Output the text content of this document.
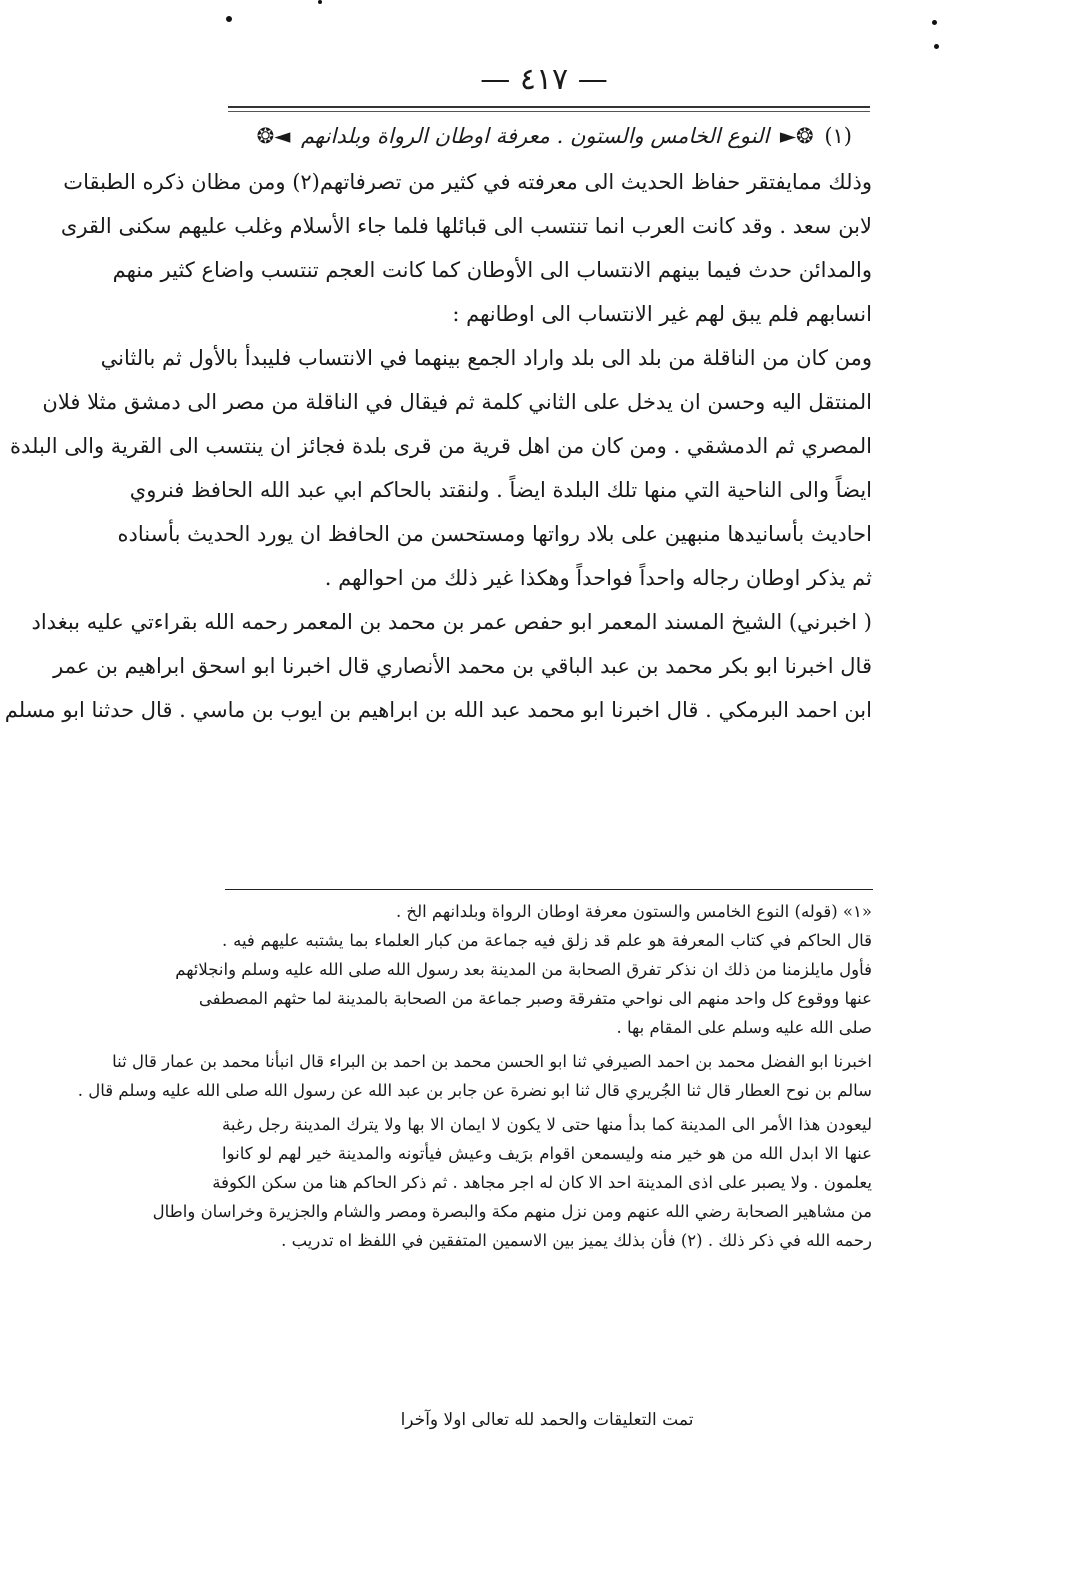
— ٤١٧ —
(١) ❂► النوع الخامس والستون . معرفة اوطان الرواة وبلدانهم ◄❂
وذلك ممايفتقر حفاظ الحديث الى معرفته في كثير من تصرفاتهم(٢) ومن مظان ذكره الطبقات
لابن سعد . وقد كانت العرب انما تنتسب الى قبائلها فلما جاء الأسلام وغلب عليهم سكنى القرى
والمدائن حدث فيما بينهم الانتساب الى الأوطان كما كانت العجم تنتسب واضاع كثير منهم
انسابهم فلم يبق لهم غير الانتساب الى اوطانهم :
ومن كان من الناقلة من بلد الى بلد واراد الجمع بينهما في الانتساب فليبدأ بالأول ثم بالثاني
المنتقل اليه وحسن ان يدخل على الثاني كلمة ثم فيقال في الناقلة من مصر الى دمشق مثلا فلان
المصري ثم الدمشقي . ومن كان من اهل قرية من قرى بلدة فجائز ان ينتسب الى القرية والى البلدة
ايضاً والى الناحية التي منها تلك البلدة ايضاً . ولنقتد بالحاكم ابي عبد الله الحافظ فنروي
احاديث بأسانيدها منبهين على بلاد رواتها ومستحسن من الحافظ ان يورد الحديث بأسناده
ثم يذكر اوطان رجاله واحداً فواحداً وهكذا غير ذلك من احوالهم .
( اخبرني) الشيخ المسند المعمر ابو حفص عمر بن محمد بن المعمر رحمه الله بقراءتي عليه ببغداد
قال اخبرنا ابو بكر محمد بن عبد الباقي بن محمد الأنصاري قال اخبرنا ابو اسحق ابراهيم بن عمر
ابن احمد البرمكي . قال اخبرنا ابو محمد عبد الله بن ابراهيم بن ايوب بن ماسي . قال حدثنا ابو مسلم
«١» (قوله) النوع الخامس والستون معرفة اوطان الرواة وبلدانهم الخ .
قال الحاكم في كتاب المعرفة هو علم قد زلق فيه جماعة من كبار العلماء بما يشتبه عليهم فيه .
فأول مايلزمنا من ذلك ان نذكر تفرق الصحابة من المدينة بعد رسول الله صلى الله عليه وسلم وانجلائهم
عنها ووقوع كل واحد منهم الى نواحي متفرقة وصبر جماعة من الصحابة بالمدينة لما حثهم المصطفى
صلى الله عليه وسلم على المقام بها .
اخبرنا ابو الفضل محمد بن احمد الصيرفي ثنا ابو الحسن محمد بن احمد بن البراء قال انبأنا محمد بن عمار قال ثنا
سالم بن نوح العطار قال ثنا الجُريري قال ثنا ابو نضرة عن جابر بن عبد الله عن رسول الله صلى الله عليه وسلم قال .
ليعودن هذا الأمر الى المدينة كما بدأ منها حتى لا يكون لا ايمان الا بها ولا يترك المدينة رجل رغبة
عنها الا ابدل الله من هو خير منه وليسمعن اقوام برَيف وعيش فيأتونه والمدينة خير لهم لو كانوا
يعلمون . ولا يصبر على اذى المدينة احد الا كان له اجر مجاهد . ثم ذكر الحاكم هنا من سكن الكوفة
من مشاهير الصحابة رضي الله عنهم ومن نزل منهم مكة والبصرة ومصر والشام والجزيرة وخراسان واطال
رحمه الله في ذكر ذلك . (٢) فأن بذلك يميز بين الاسمين المتفقين في اللفظ اه تدريب .
تمت التعليقات والحمد لله تعالى اولا وآخرا
